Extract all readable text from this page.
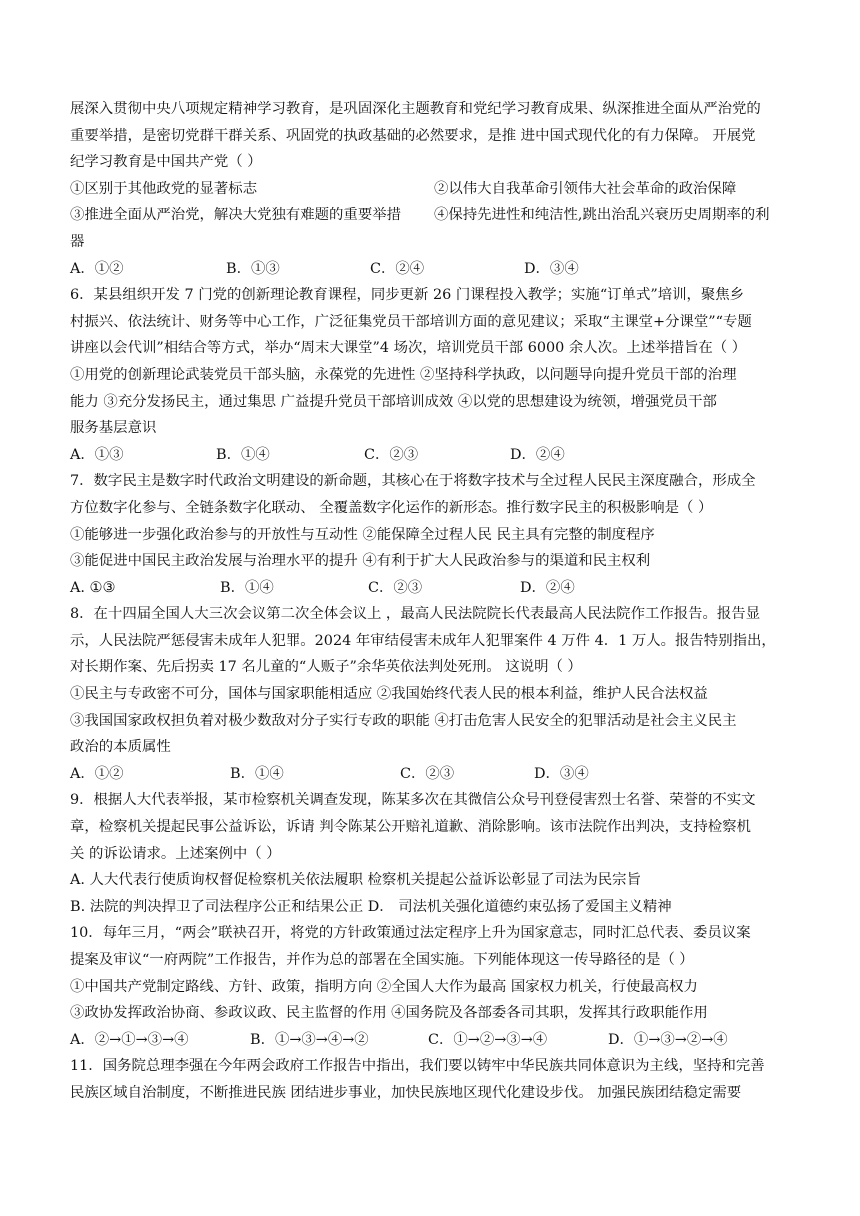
展深入贯彻中央八项规定精神学习教育，是巩固深化主题教育和党纪学习教育成果、纵深推进全面从严治党的
重要举措，是密切党群干群关系、巩固党的执政基础的必然要求，是推 进中国式现代化的有力保障。 开展党
纪学习教育是中国共产党（ ）
①区别于其他政党的显著标志	②以伟大自我革命引领伟大社会革命的政治保障
③推进全面从严治党，解决大党独有难题的重要举措	④保持先进性和纯洁性,跳出治乱兴衰历史周期率的利
器
A．①②	B．①③	C．②④	D．③④
6．某县组织开发 7 门党的创新理论教育课程，同步更新 26 门课程投入教学；实施“订单式”培训，聚焦乡
村振兴、依法统计、财务等中心工作，广泛征集党员干部培训方面的意见建议；采取“主课堂+分课堂”“专题
讲座以会代训”相结合等方式，举办“周末大课堂”4 场次，培训党员干部 6000 余人次。上述举措旨在（ ）
①用党的创新理论武装党员干部头脑，永葆党的先进性 ②坚持科学执政，以问题导向提升党员干部的治理
能力 ③充分发扬民主，通过集思 广益提升党员干部培训成效 ④以党的思想建设为统领，增强党员干部
服务基层意识
A．①③	B．①④	C．②③	D．②④
7．数字民主是数字时代政治文明建设的新命题，其核心在于将数字技术与全过程人民民主深度融合，形成全
方位数字化参与、全链条数字化联动、 全覆盖数字化运作的新形态。推行数字民主的积极影响是（ ）
①能够进一步强化政治参与的开放性与互动性 ②能保障全过程人民 民主具有完整的制度程序
③能促进中国民主政治发展与治理水平的提升 ④有利于扩大人民政治参与的渠道和民主权利
A. ①③	B．①④	C．②③	D．②④
8．在十四届全国人大三次会议第二次全体会议上 ，最高人民法院院长代表最高人民法院作工作报告。报告显
示，人民法院严惩侵害未成年人犯罪。2024 年审结侵害未成年人犯罪案件 4 万件 4．1 万人。报告特别指出，
对长期作案、先后拐卖 17 名儿童的“人贩子”余华英依法判处死刑。 这说明（ ）
①民主与专政密不可分，国体与国家职能相适应 ②我国始终代表人民的根本利益，维护人民合法权益
③我国国家政权担负着对极少数敌对分子实行专政的职能 ④打击危害人民安全的犯罪活动是社会主义民主
政治的本质属性
A．①②	B．①④	C．②③	D．③④
9．根据人大代表举报，某市检察机关调查发现，陈某多次在其微信公众号刊登侵害烈士名誉、荣誉的不实文
章，检察机关提起民事公益诉讼，诉请 判令陈某公开赔礼道歉、消除影响。该市法院作出判决，支持检察机
关 的诉讼请求。上述案例中（ ）
A. 人大代表行使质询权督促检察机关依法履职 检察机关提起公益诉讼彰显了司法为民宗旨
B. 法院的判决捍卫了司法程序公正和结果公正 D． 司法机关强化道德约束弘扬了爱国主义精神
10．每年三月，“两会”联袂召开，将党的方针政策通过法定程序上升为国家意志，同时汇总代表、委员议案
提案及审议“一府两院”工作报告，并作为总的部署在全国实施。下列能体现这一传导路径的是（ ）
①中国共产党制定路线、方针、政策，指明方向 ②全国人大作为最高 国家权力机关，行使最高权力
③政协发挥政治协商、参政议政、民主监督的作用 ④国务院及各部委各司其职，发挥其行政职能作用
A．②→①→③→④	B．①→③→④→②	C．①→②→③→④	D．①→③→②→④
11．国务院总理李强在今年两会政府工作报告中指出，我们要以铸牢中华民族共同体意识为主线，坚持和完善
民族区域自治制度，不断推进民族 团结进步事业，加快民族地区现代化建设步伐。 加强民族团结稳定需要
